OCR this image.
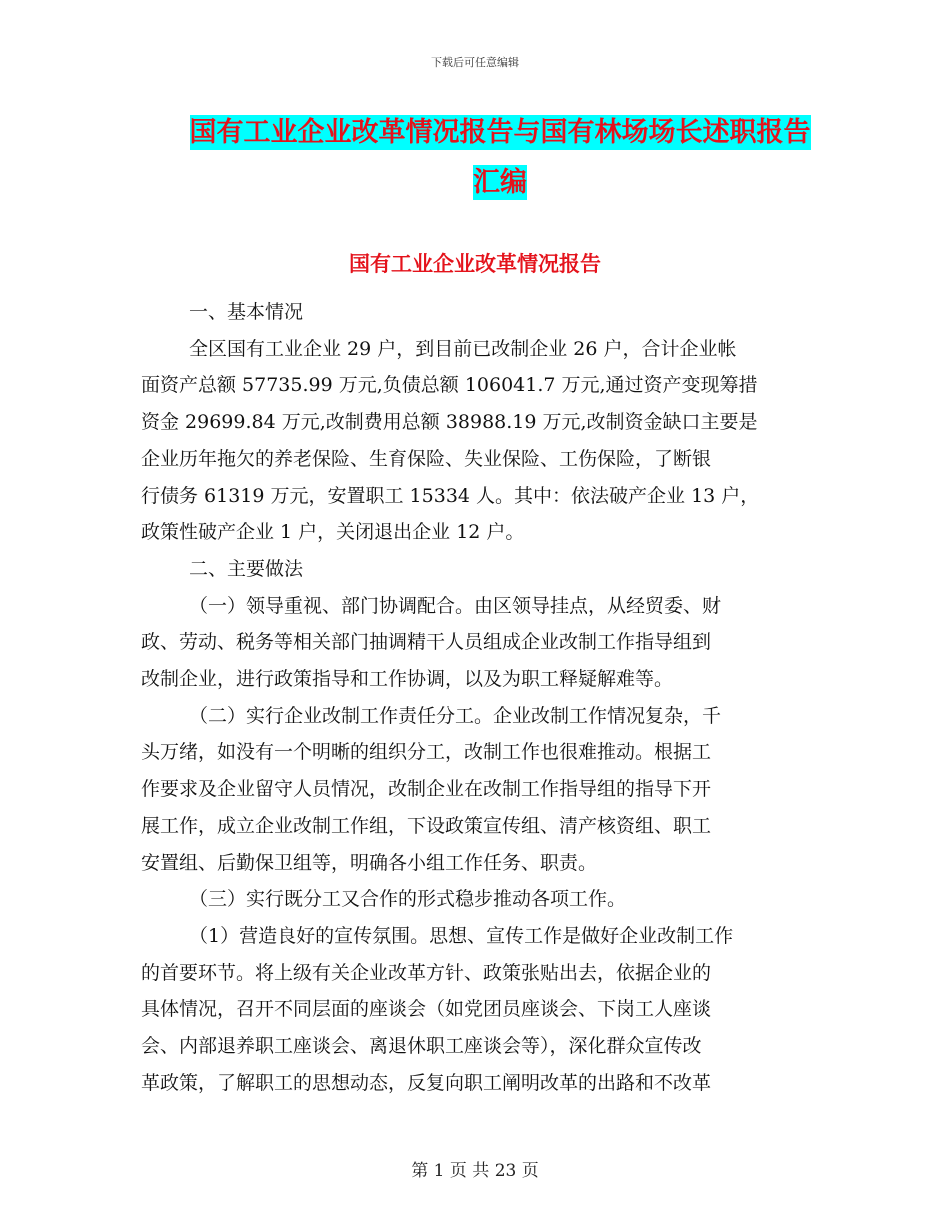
下载后可任意编辑
国有工业企业改革情况报告与国有林场场长述职报告
汇编
国有工业企业改革情况报告
一、基本情况
全区国有工业企业 29 户，到目前已改制企业 26 户，合计企业帐
面资产总额 57735.99 万元,负债总额 106041.7 万元,通过资产变现筹措
资金 29699.84 万元,改制费用总额 38988.19 万元,改制资金缺口主要是
企业历年拖欠的养老保险、生育保险、失业保险、工伤保险，了断银
行债务 61319 万元，安置职工 15334 人。其中：依法破产企业 13 户，
政策性破产企业 1 户，关闭退出企业 12 户。
二、主要做法
（一）领导重视、部门协调配合。由区领导挂点，从经贸委、财
政、劳动、税务等相关部门抽调精干人员组成企业改制工作指导组到
改制企业，进行政策指导和工作协调，以及为职工释疑解难等。
（二）实行企业改制工作责任分工。企业改制工作情况复杂，千
头万绪，如没有一个明晰的组织分工，改制工作也很难推动。根据工
作要求及企业留守人员情况，改制企业在改制工作指导组的指导下开
展工作，成立企业改制工作组，下设政策宣传组、清产核资组、职工
安置组、后勤保卫组等，明确各小组工作任务、职责。
（三）实行既分工又合作的形式稳步推动各项工作。
（1）营造良好的宣传氛围。思想、宣传工作是做好企业改制工作
的首要环节。将上级有关企业改革方针、政策张贴出去，依据企业的
具体情况，召开不同层面的座谈会（如党团员座谈会、下岗工人座谈
会、内部退养职工座谈会、离退休职工座谈会等），深化群众宣传改
革政策，了解职工的思想动态，反复向职工阐明改革的出路和不改革
第 1 页 共 23 页
